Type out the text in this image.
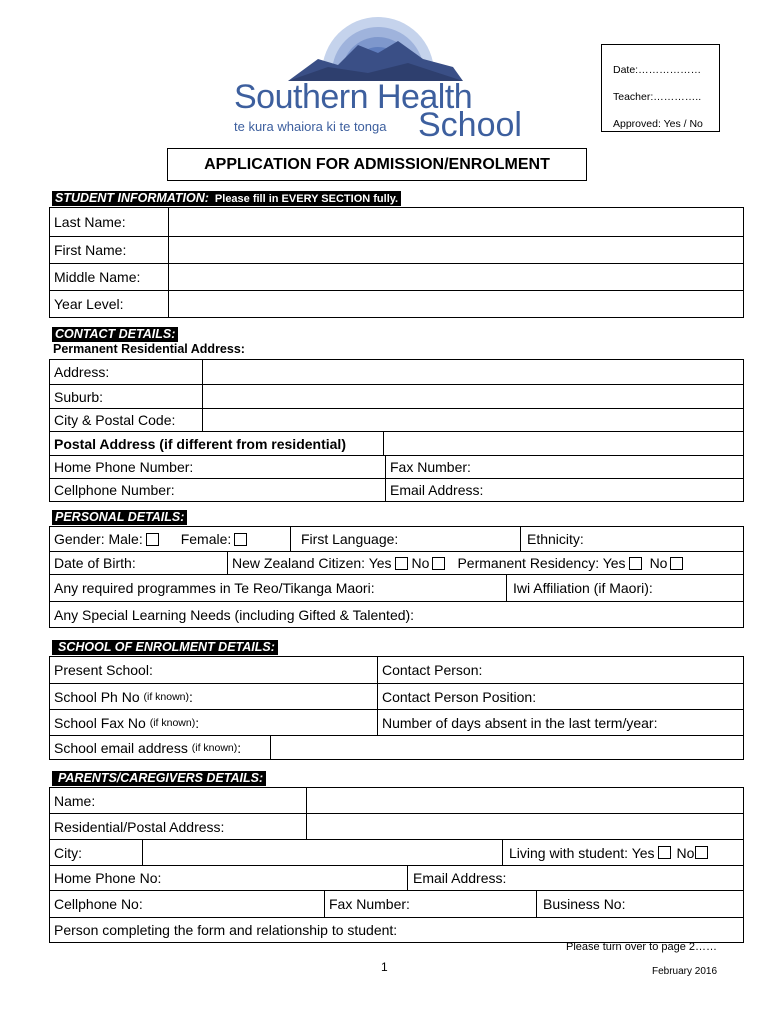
Southern Health
te kura whaiora ki te tonga School
Date:………………
Teacher:…………..
Approved: Yes / No
APPLICATION FOR ADMISSION/ENROLMENT
STUDENT INFORMATION: Please fill in EVERY SECTION fully.
Last Name:
First Name:
Middle Name:
Year Level:
CONTACT DETAILS:
Permanent Residential Address:
Address:
Suburb:
City & Postal Code:
Postal Address (if different from residential)
Home Phone Number:	Fax Number:
Cellphone Number:	Email Address:
PERSONAL DETAILS:
Gender: Male:	Female:	First Language:	Ethnicity:
Date of Birth:	New Zealand Citizen: Yes No Permanent Residency: Yes No
Any required programmes in Te Reo/Tikanga Maori:	Iwi Affiliation (if Maori):
Any Special Learning Needs (including Gifted & Talented):
SCHOOL OF ENROLMENT DETAILS:
Present School:	Contact Person:
School Ph No
(if known) :	Contact Person Position:
School Fax No
(if known) :	Number of days absent in the last term/year:
School email address
(if known) :
PARENTS/CAREGIVERS DETAILS:
Name:
Residential/Postal Address:
City:	Living with student: Yes No
Home Phone No:	Email Address:
Cellphone No:	Fax Number:	Business No:
Person completing the form and relationship to student:
Please turn over to page 2……
1	February 2016
